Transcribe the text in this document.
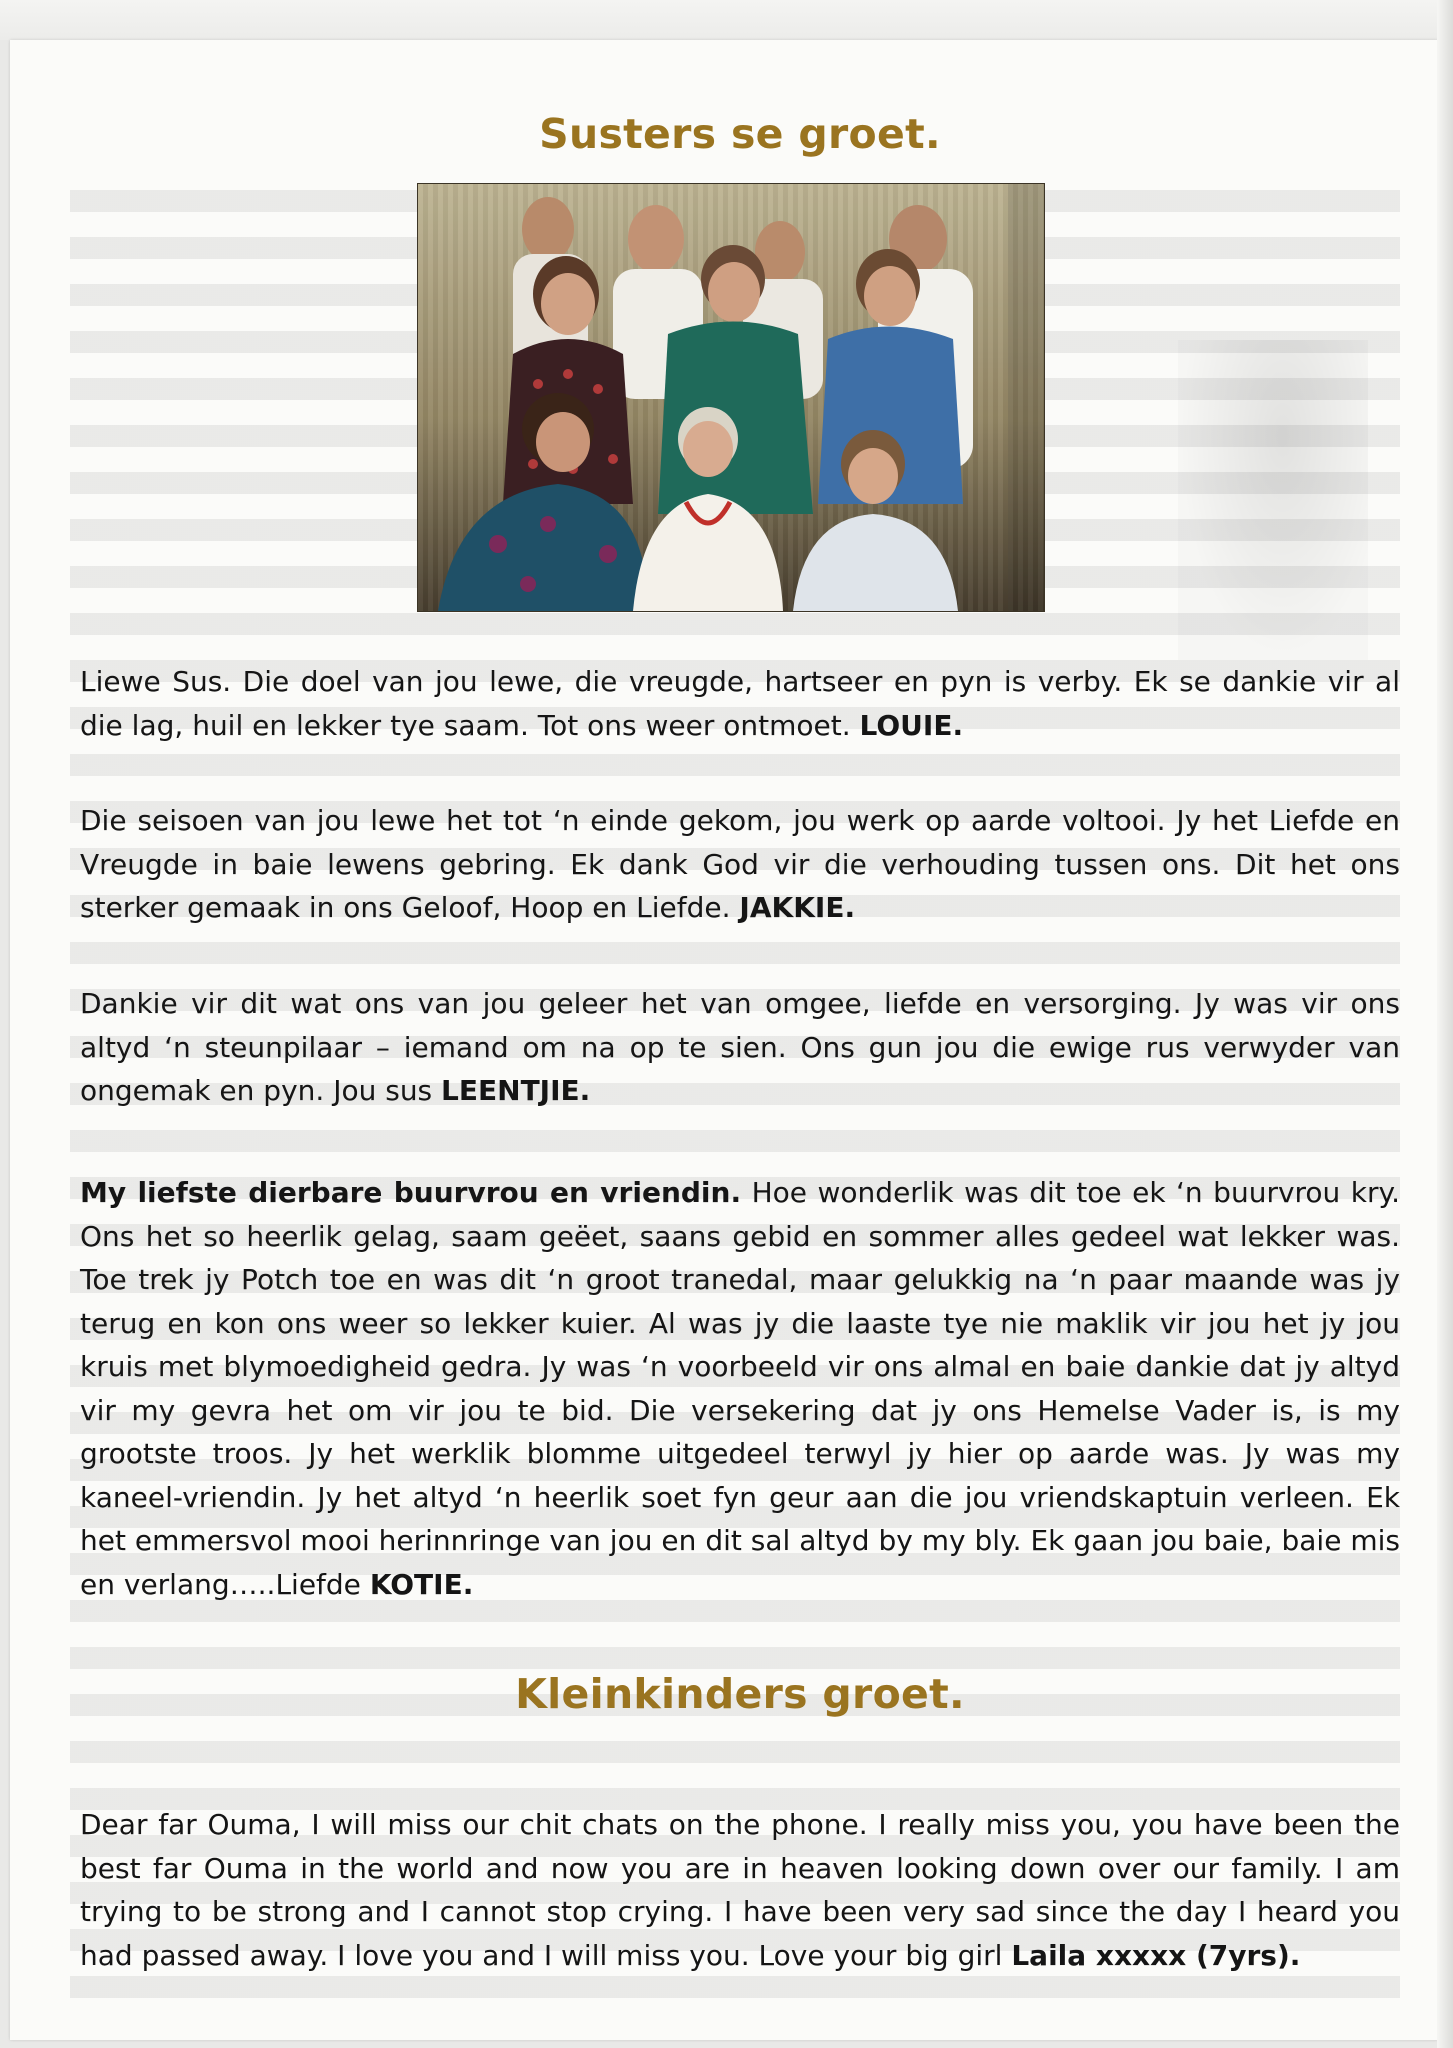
Susters se groet.

Liewe Sus. Die doel van jou lewe, die vreugde, hartseer en pyn is verby. Ek se dankie vir al die lag, huil en lekker tye saam. Tot ons weer ontmoet. LOUIE.

Die seisoen van jou lewe het tot ‘n einde gekom, jou werk op aarde voltooi. Jy het Liefde en Vreugde in baie lewens gebring. Ek dank God vir die verhouding tussen ons. Dit het ons sterker gemaak in ons Geloof, Hoop en Liefde. JAKKIE.

Dankie vir dit wat ons van jou geleer het van omgee, liefde en versorging. Jy was vir ons altyd ‘n steunpilaar – iemand om na op te sien. Ons gun jou die ewige rus verwyder van ongemak en pyn. Jou sus LEENTJIE.

My liefste dierbare buurvrou en vriendin. Hoe wonderlik was dit toe ek ‘n buurvrou kry. Ons het so heerlik gelag, saam geëet, saans gebid en sommer alles gedeel wat lekker was. Toe trek jy Potch toe en was dit ‘n groot tranedal, maar gelukkig na ‘n paar maande was jy terug en kon ons weer so lekker kuier. Al was jy die laaste tye nie maklik vir jou het jy jou kruis met blymoedigheid gedra. Jy was ‘n voorbeeld vir ons almal en baie dankie dat jy altyd vir my gevra het om vir jou te bid. Die versekering dat jy ons Hemelse Vader is, is my grootste troos. Jy het werklik blomme uitgedeel terwyl jy hier op aarde was. Jy was my kaneel-vriendin. Jy het altyd ‘n heerlik soet fyn geur aan die jou vriendskaptuin verleen. Ek het emmersvol mooi herinnringe van jou en dit sal altyd by my bly. Ek gaan jou baie, baie mis en verlang…..Liefde KOTIE.

Kleinkinders groet.

Dear far Ouma, I will miss our chit chats on the phone. I really miss you, you have been the best far Ouma in the world and now you are in heaven looking down over our family. I am trying to be strong and I cannot stop crying. I have been very sad since the day I heard you had passed away. I love you and I will miss you. Love your big girl Laila xxxxx (7yrs).
